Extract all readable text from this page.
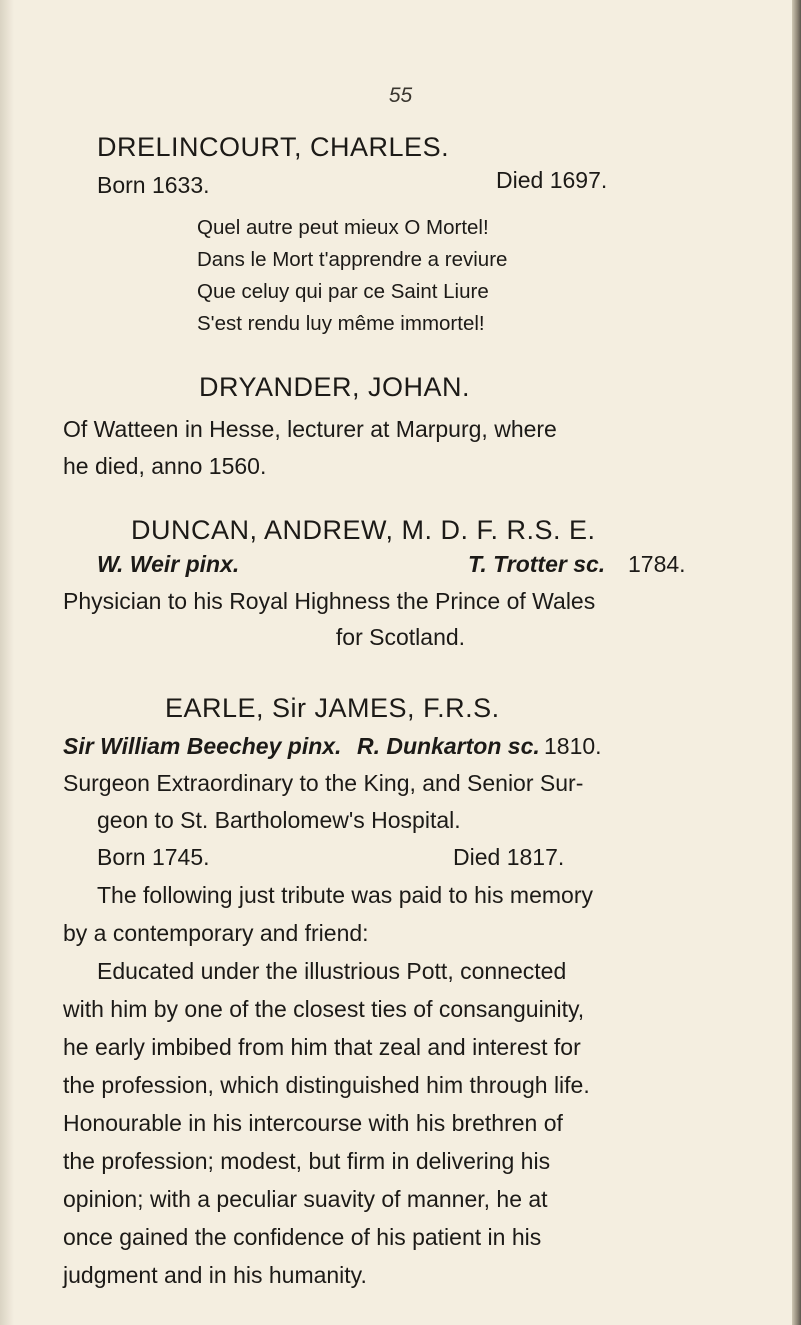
55
DRELINCOURT, CHARLES.
Born 1633.	Died 1697.
Quel autre peut mieux O Mortel!
Dans le Mort t'apprendre a reviure
Que celuy qui par ce Saint Liure
S'est rendu luy même immortel!
DRYANDER, JOHAN.
Of Watteen in Hesse, lecturer at Marpurg, where
he died, anno 1560.
DUNCAN, ANDREW, M. D. F. R.S. E.
W. Weir pinx.	T. Trotter sc. 1784.
Physician to his Royal Highness the Prince of Wales
for Scotland.
EARLE, Sir JAMES, F.R.S.
Sir William Beechey pinx. R. Dunkarton sc. 1810.
Surgeon Extraordinary to the King, and Senior Sur-
geon to St. Bartholomew's Hospital.
Born 1745.	Died 1817.
The following just tribute was paid to his memory
by a contemporary and friend:
Educated under the illustrious Pott, connected
with him by one of the closest ties of consanguinity,
he early imbibed from him that zeal and interest for
the profession, which distinguished him through life.
Honourable in his intercourse with his brethren of
the profession; modest, but firm in delivering his
opinion; with a peculiar suavity of manner, he at
once gained the confidence of his patient in his
judgment and in his humanity.
